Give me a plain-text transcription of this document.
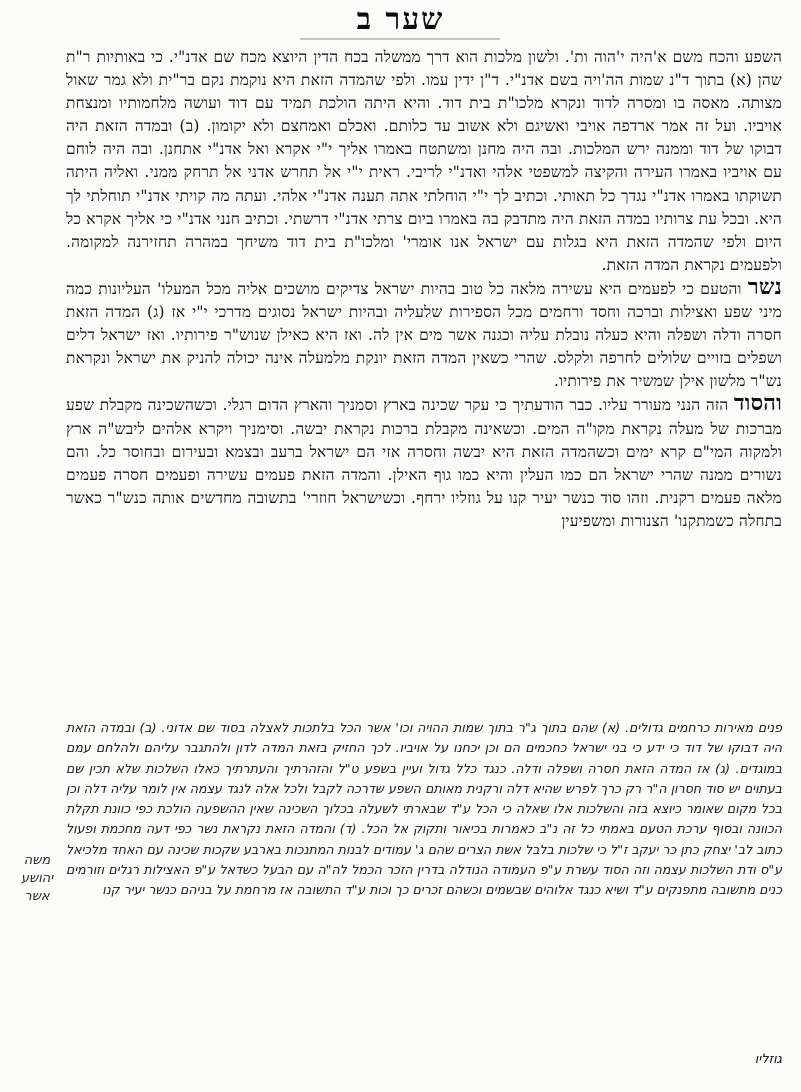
שער ב

השפע והכח משם א'היה י'הוה ות'. ולשון מלכות הוא דרך ממשלה בכח הדין היוצא מכח שם אדנ"י. כי באותיות ר"ת שהן (א) בתוך ד"נ שמות הה'ויה בשם אדנ"י. ד"ן ידין עמו. ולפי שהמדה הזאת היא נוקמת נקם בר"ית ולא גמר שאול מצותה. מאסה בו ומסרה לדוד ונקרא מלכו"ת בית דוד. והיא היתה הולכת תמיד עם דוד ועושה מלחמותיו ומנצחת אויביו. ועל זה אמר ארדפה אויבי ואשיגם ולא אשוב עד כלותם. ואכלם ואמחצם ולא יקומון. (ב) ובמדה הזאת היה דבוקו של דוד וממנה ירש המלכות. ובה היה מחנן ומשתטח באמרו אליך י"י אקרא ואל אדנ"י אתחנן. ובה היה לוחם עם אויביו באמרו העירה והקיצה למשפטי אלהי ואדנ"י לריבי. ראית י"י אל תחרש אדני אל תרחק ממני. ואליה היתה תשוקתו באמרו אדנ"י נגדך כל תאותי. וכתיב לך י"י הוחלתי אתה תענה אדנ"י אלהי. ועתה מה קויתי אדנ"י תוחלתי לך היא. ובכל עת צרותיו במדה הזאת היה מתדבק בה באמרו ביום צרתי אדנ"י דרשתי. וכתיב חנני אדנ"י כי אליך אקרא כל היום ולפי שהמדה הזאת היא בגלות עם ישראל אנו אומרי' ומלכו"ת בית דוד משיחך במהרה תחזירנה למקומה. ולפעמים נקראת המדה הזאת.

נשר והטעם כי לפעמים היא עשירה מלאה כל טוב בהיות ישראל צדיקים מושכים אליה מכל המעלו' העליונות כמה מיני שפע ואצילות וברכה וחסד ורחמים מכל הספירות שלעליה ובהיות ישראל נסוגים מדרכי י"י אז (ג) המדה הזאת חסרה ודלה ושפלה והיא כעלה נובלת עליה וכגנה אשר מים אין לה. ואז היא כאילן שנוש"ר פירותיו. ואז ישראל דלים ושפלים בזויים שלולים לחרפה ולקלס. שהרי כשאין המדה הזאת יונקת מלמעלה אינה יכולה להניק את ישראל ונקראת נש"ר מלשון אילן שמשיר את פירותיו.

והסוד הזה הנני מעורר עליו. כבר הודעתיך כי עקר שכינה בארץ וסמניך והארץ הדום רגלי. וכשהשכינה מקבלת שפע מברכות של מעלה נקראת מקו"ה המים. וכשאינה מקבלת ברכות נקראת יבשה. וסימניך ויקרא אלהים ליבש"ה ארץ ולמקוה המי"ם קרא ימים וכשהמדה הזאת היא יבשה וחסרה אזי הם ישראל ברעב ובצמא ובעירום ובחוסר כל. והם נשורים ממנה שהרי ישראל הם כמו העלין והיא כמו גוף האילן. והמדה הזאת פעמים עשירה ופעמים חסרה פעמים מלאה פעמים רקנית. וזהו סוד כנשר יעיר קנו על גוזליו ירחף. וכשישראל חוזרי' בתשובה מחדשים אותה כנש"ר כאשר בתחלה כשמתקנו' הצנורות ומשפיעין

פנים מאירות כרחמים גדולים. (א) שהם בתוך ג"ר בתוך שמות ההויה וכו' אשר הכל בלתכות לאצלה בסוד שם אדוני. (ב) ובמדה הזאת היה דבוקו של דוד כי ידע כי בני ישראל כחכמים הם וכן יכחנו על אויביו. לכך החזיק בזאת המדה לדון ולהתגבר עליהם ולהלחם עמם במוגדים. (ג) אז המדה הזאת חסרה ושפלה ודלה. כנגד כלל גדול ועיין בשפע ט"ל והזהרתיך והעתרתיך כאלו השלכות שלא תכין שם בעתוים יש סוד חסרון ה"ר רק כרך לפרש שהיא דלה ורקנית מאותם השפע שדרכה לקבל ולכל אלה לנגד עצמה אין לומר עליה דלה וכן בכל מקום שאומר כיוצא בזה והשלכות אלו שאלה כי הכל ע"ד שבארתי לשעלה בכלוך השכינה שאין ההשפעה הולכת כפי כוונת תקלת הכוונה ובסוף ערכת הטעם באמתי כל זה נ"ב כאמרות בכיאור ותקוק אל הכל. (ד) והמדה הזאת נקראת נשר כפי דעה מחכמת ופעול כתוב לב' יצחק כתן כר יעקב ז"ל כי שלכות בלבל אשת הצרים שהם ג' עמודים לבנות המתנכות בארבע שקכות שכינה עם האחד מלכיאל ע"ס ודת השלכות עצמה וזה הסוד עשרת ע"פ העמודה הנודלה בדרין הזכר הכמל לה"ה עם הבעל כשדאל ע"פ האצילות רגלים וזורמים כנים מתשובה מתפנקים ע"ד ושיא כנגד אלוהים שבשמים וכשהם זכרים כך וכות ע"ד התשובה אז מרחמת על בניהם כנשר יעיר קנו

משה יהושע אשר
גוזליו
